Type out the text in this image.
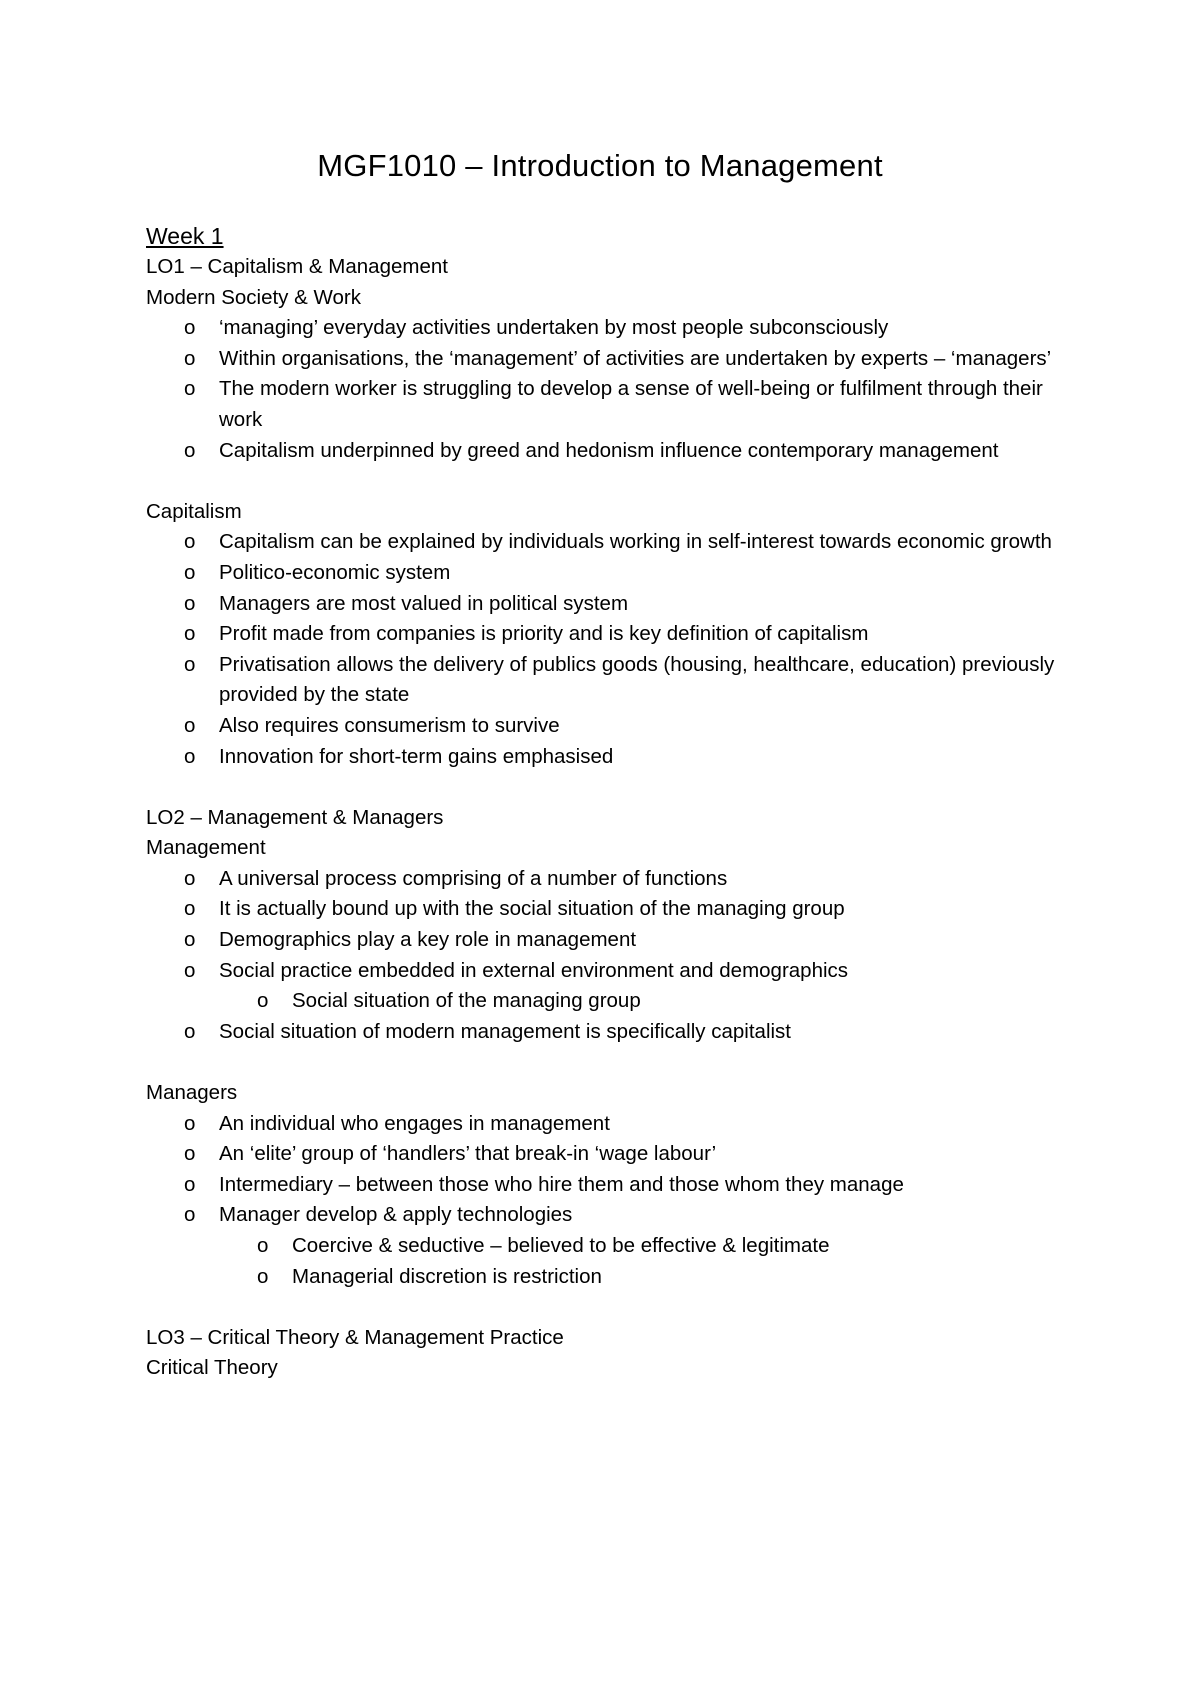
MGF1010 – Introduction to Management
Week 1
LO1 – Capitalism & Management
Modern Society & Work
o ‘managing’ everyday activities undertaken by most people subconsciously
o Within organisations, the ‘management’ of activities are undertaken by experts – ‘managers’
o The modern worker is struggling to develop a sense of well-being or fulfilment through their work
o Capitalism underpinned by greed and hedonism influence contemporary management
Capitalism
o Capitalism can be explained by individuals working in self-interest towards economic growth
o Politico-economic system
o Managers are most valued in political system
o Profit made from companies is priority and is key definition of capitalism
o Privatisation allows the delivery of publics goods (housing, healthcare, education) previously provided by the state
o Also requires consumerism to survive
o Innovation for short-term gains emphasised
LO2 – Management & Managers
Management
o A universal process comprising of a number of functions
o It is actually bound up with the social situation of the managing group
o Demographics play a key role in management
o Social practice embedded in external environment and demographics
o Social situation of the managing group
o Social situation of modern management is specifically capitalist
Managers
o An individual who engages in management
o An ‘elite’ group of ‘handlers’ that break-in ‘wage labour’
o Intermediary – between those who hire them and those whom they manage
o Manager develop & apply technologies
o Coercive & seductive – believed to be effective & legitimate
o Managerial discretion is restriction
LO3 – Critical Theory & Management Practice
Critical Theory
